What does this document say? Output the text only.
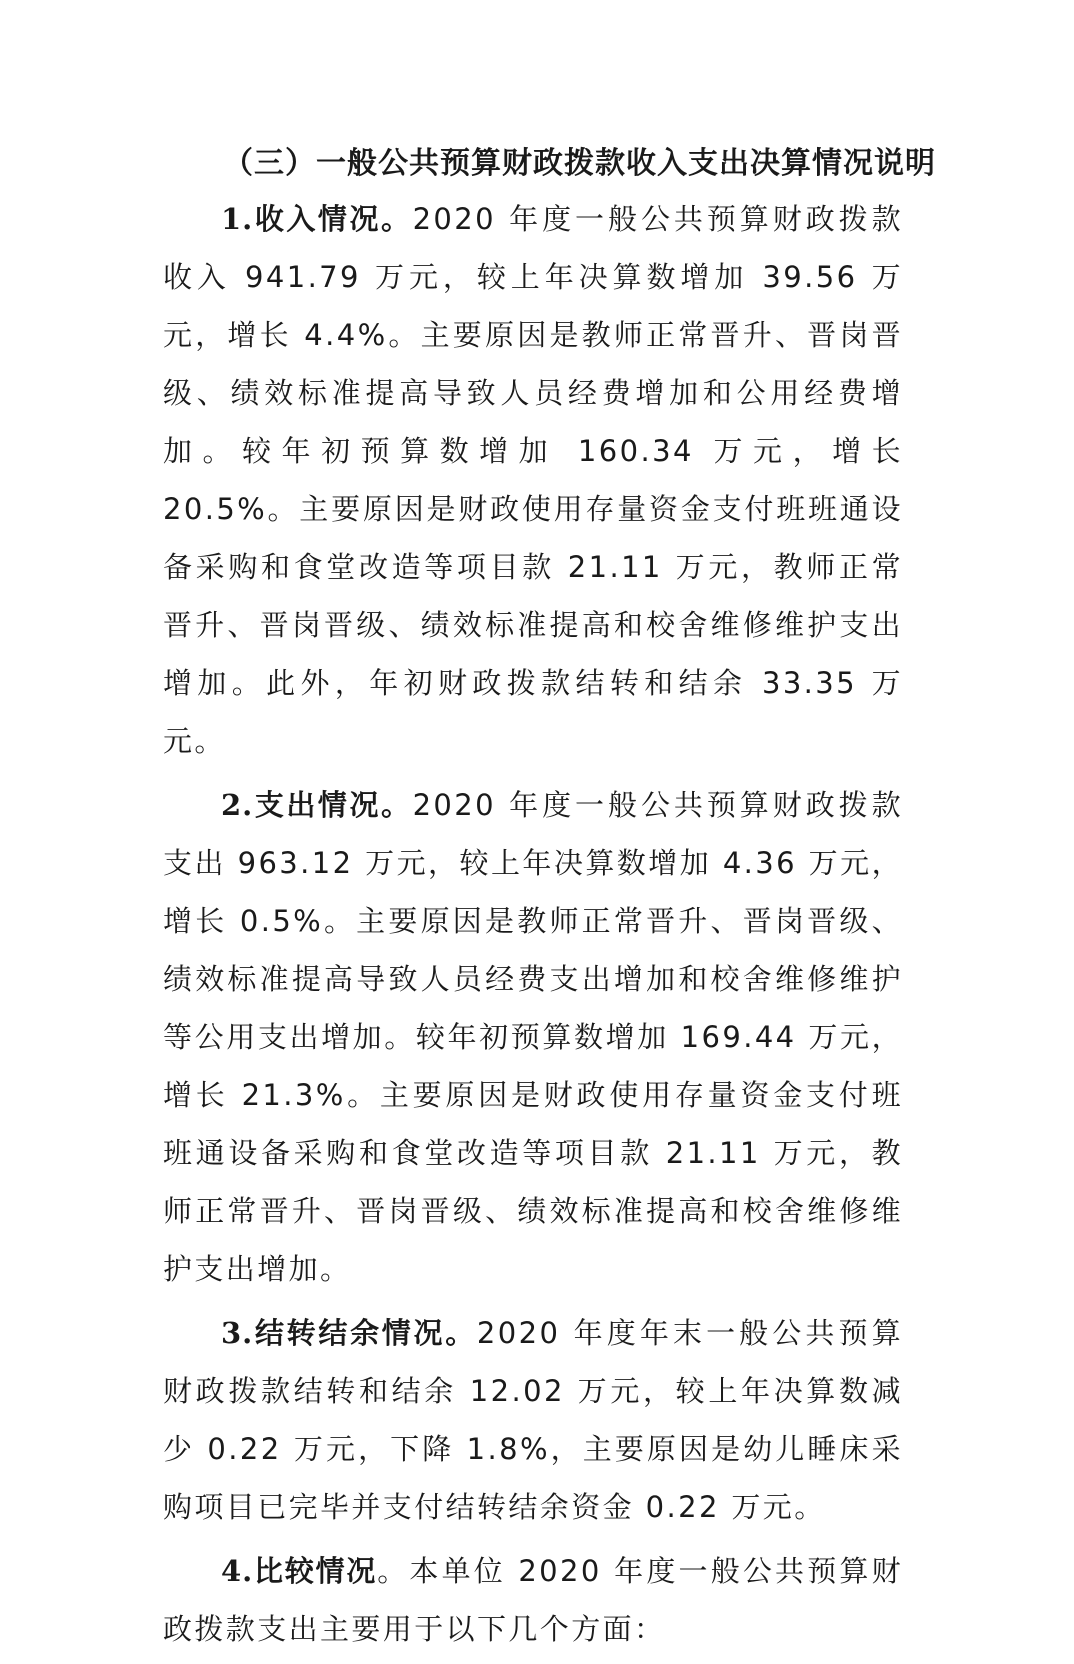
（三）一般公共预算财政拨款收入支出决算情况说明

1.收入情况。2020 年度一般公共预算财政拨款收入 941.79 万元，较上年决算数增加 39.56 万元，增长 4.4%。主要原因是教师正常晋升、晋岗晋级、绩效标准提高导致人员经费增加和公用经费增加。较年初预算数增加 160.34 万元，增长 20.5%。主要原因是财政使用存量资金支付班班通设备采购和食堂改造等项目款 21.11 万元，教师正常晋升、晋岗晋级、绩效标准提高和校舍维修维护支出增加。此外，年初财政拨款结转和结余 33.35 万元。

2.支出情况。2020 年度一般公共预算财政拨款支出 963.12 万元，较上年决算数增加 4.36 万元，增长 0.5%。主要原因是教师正常晋升、晋岗晋级、绩效标准提高导致人员经费支出增加和校舍维修维护等公用支出增加。较年初预算数增加 169.44 万元，增长 21.3%。主要原因是财政使用存量资金支付班班通设备采购和食堂改造等项目款 21.11 万元，教师正常晋升、晋岗晋级、绩效标准提高和校舍维修维护支出增加。

3.结转结余情况。2020 年度年末一般公共预算财政拨款结转和结余 12.02 万元，较上年决算数减少 0.22 万元，下降 1.8%，主要原因是幼儿睡床采购项目已完毕并支付结转结余资金 0.22 万元。

4.比较情况。本单位 2020 年度一般公共预算财政拨款支出主要用于以下几个方面：
